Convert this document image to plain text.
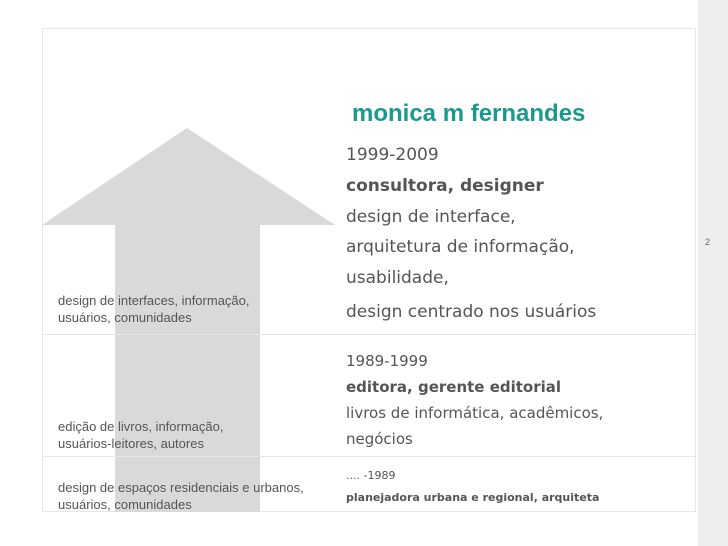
2
monica m fernandes
1999-2009
consultora, designer
design de interface,
arquitetura de informação,
usabilidade,
design centrado nos usuários
design de interfaces, informação,
usuários, comunidades
1989-1999
editora, gerente editorial
livros de informática, acadêmicos,
negócios
edição de livros, informação,
usuários-leitores, autores
.... -1989
planejadora urbana e regional, arquiteta
design de espaços residenciais e urbanos,
usuários, comunidades
